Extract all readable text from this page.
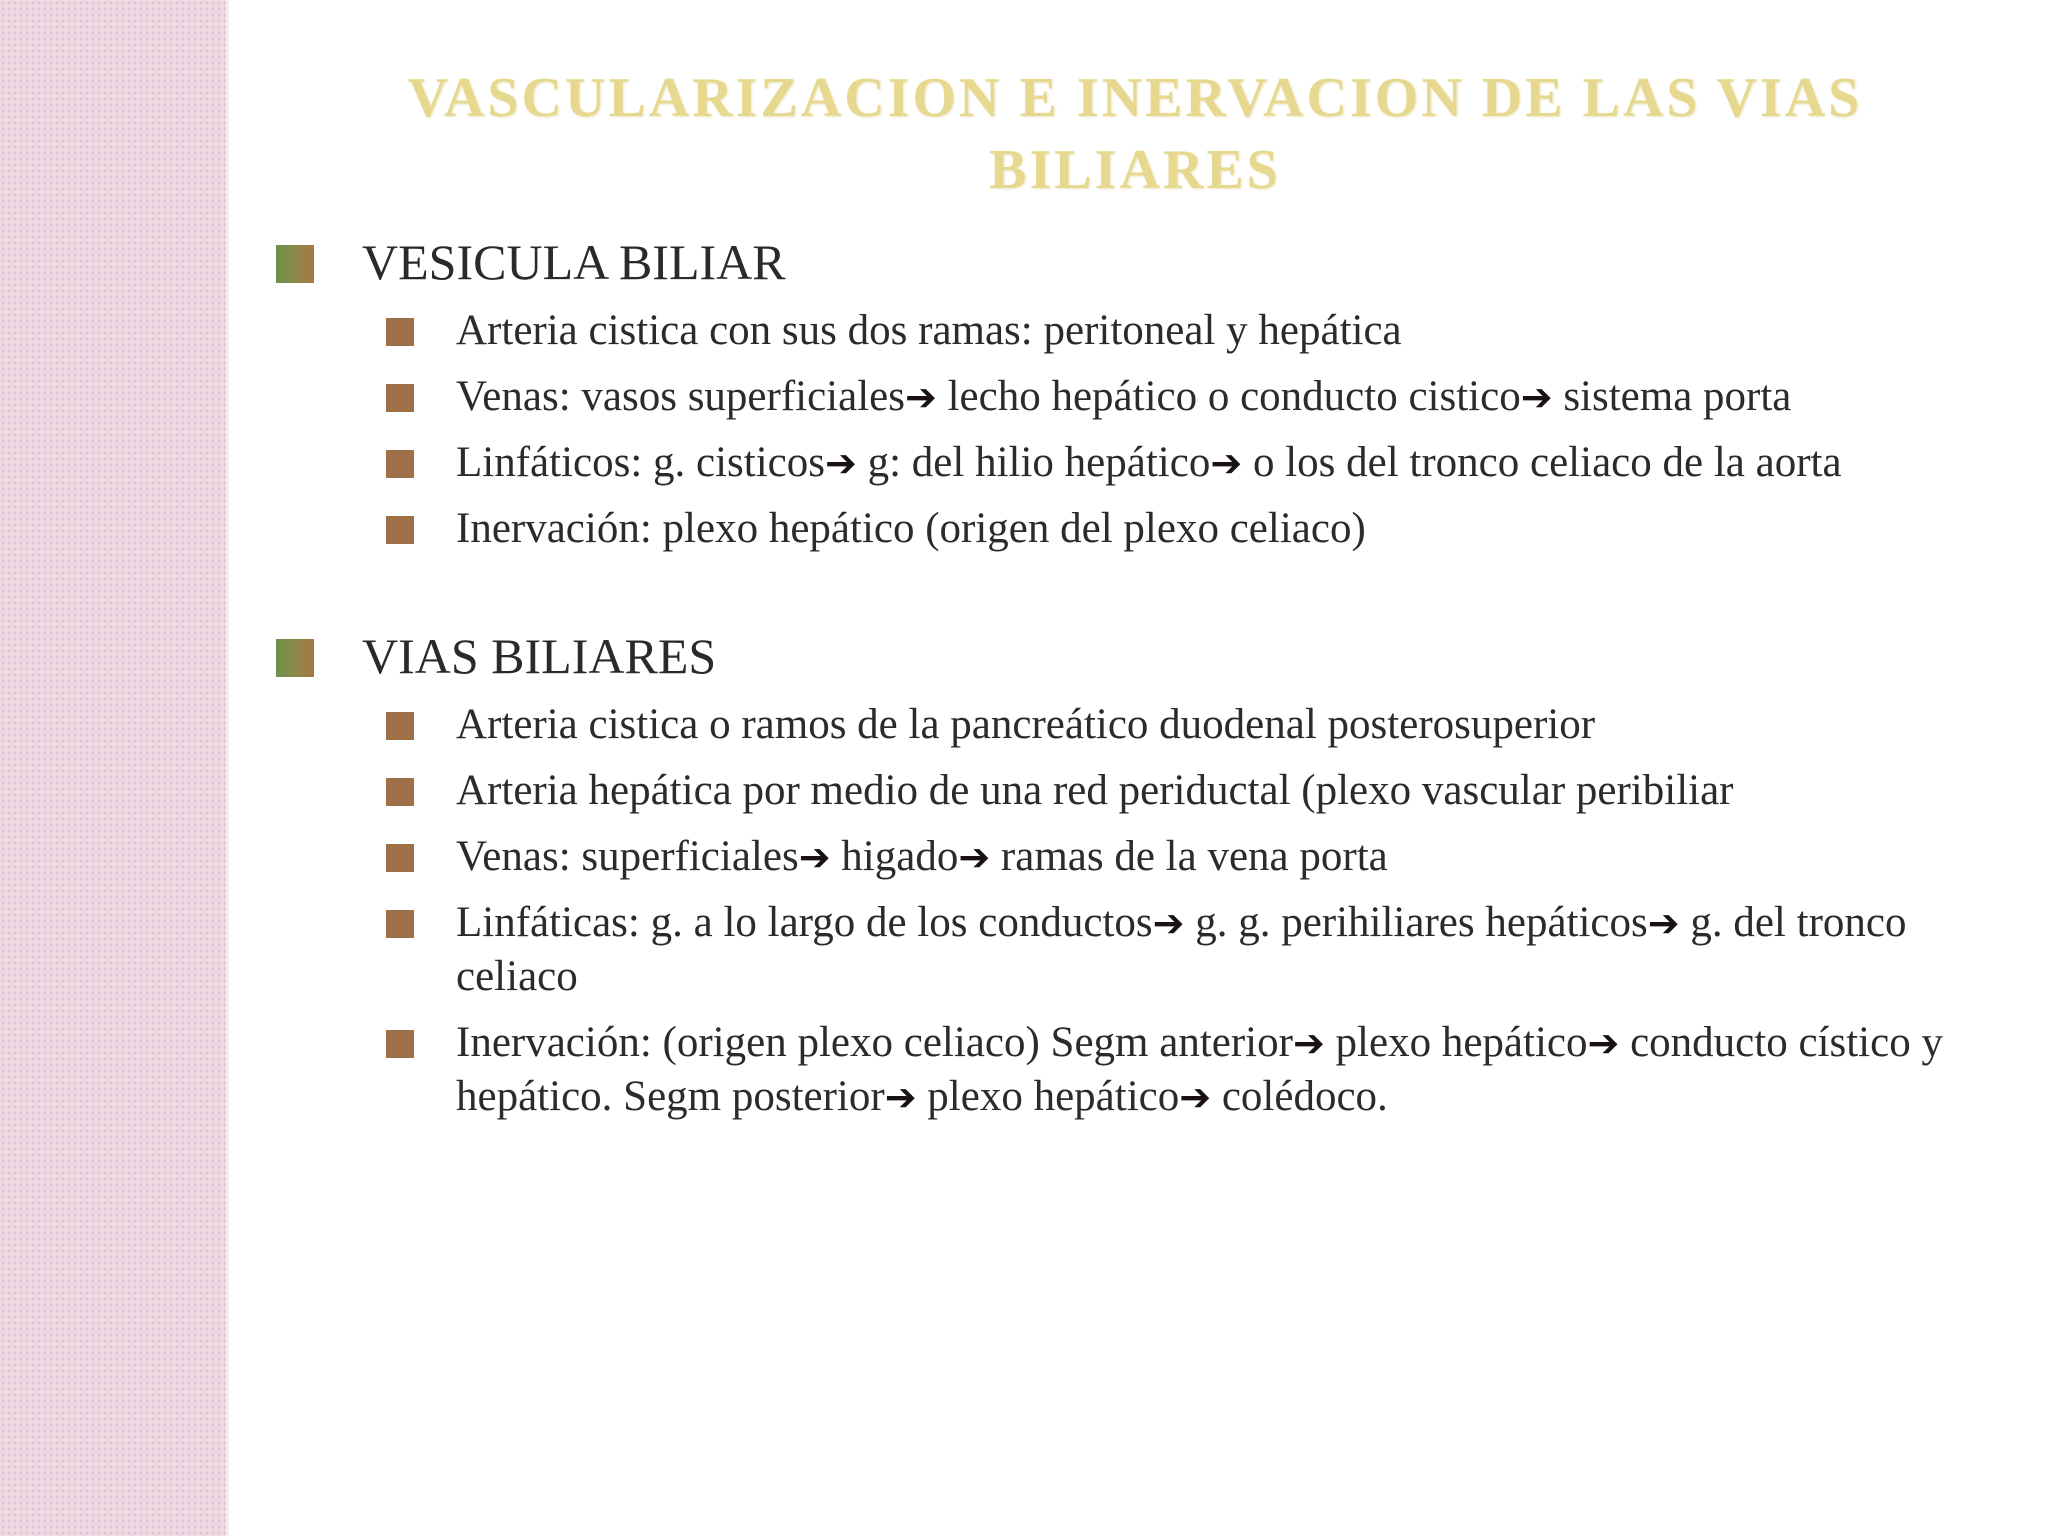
VASCULARIZACION E INERVACION DE LAS VIAS
BILIARES
VESICULA BILIAR
Arteria cistica con sus dos ramas: peritoneal y hepática
Venas: vasos superficiales➔ lecho hepático o conducto cistico➔ sistema porta
Linfáticos: g. cisticos➔ g: del hilio hepático➔ o los del tronco celiaco de la aorta
Inervación: plexo hepático (origen del plexo celiaco)
VIAS BILIARES
Arteria cistica o ramos de la pancreático duodenal posterosuperior
Arteria hepática por medio de una red periductal (plexo vascular peribiliar
Venas: superficiales➔ higado➔ ramas de la vena porta
Linfáticas: g. a lo largo de los conductos➔ g. g. perihiliares hepáticos➔ g. del tronco celiaco
Inervación: (origen plexo celiaco) Segm anterior➔ plexo hepático➔ conducto cístico y hepático. Segm posterior➔ plexo hepático➔ colédoco.
